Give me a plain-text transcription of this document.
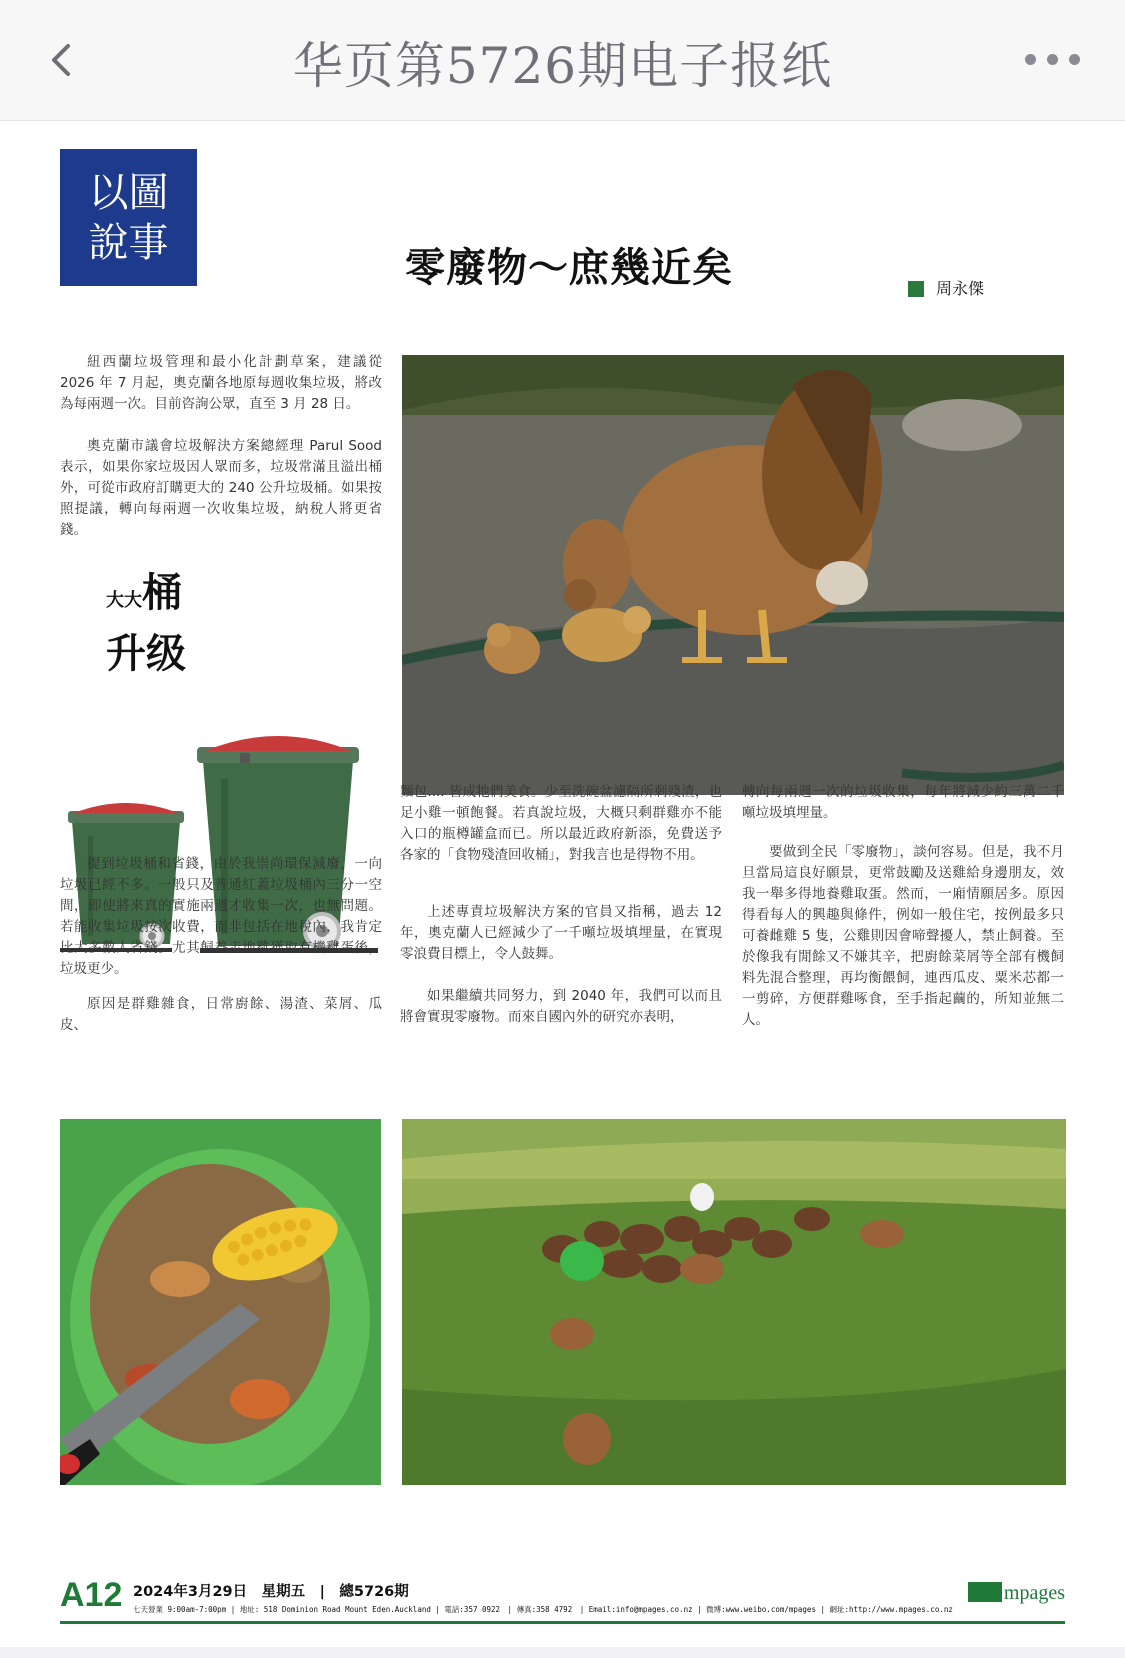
华页第5726期电子报纸
以圖
說事
零廢物～庶幾近矣	周永傑

紐西蘭垃圾管理和最小化計劃草案，建議從 2026 年 7 月起，奧克蘭各地原每週收集垃圾，將改為每兩週一次。目前咨詢公眾，直至 3 月 28 日。

奧克蘭市議會垃圾解決方案總經理 Parul Sood 表示，如果你家垃圾因人眾而多，垃圾常滿且溢出桶外，可從市政府訂購更大的 240 公升垃圾桶。如果按照提議，轉向每兩週一次收集垃圾，納稅人將更省錢。

大大桶
升级

提到垃圾桶和省錢，由於我崇尚環保減廢，一向垃圾已經不多。一般只及普通紅蓋垃圾桶內三分一空間，即使將來真的實施兩週才收集一次，也無問題。若能收集垃圾按次收費，而非包括在地稅內，我肯定比大多數人省錢。尤其飼養走地雞獲取有機雞蛋後，垃圾更少。

原因是群雞雜食，日常廚餘、湯渣、菜屑、瓜皮、

麵包.... 皆成牠們美食。少至洗碗盆濾隔所剩殘渣，也足小雞一頓飽餐。若真說垃圾，大概只剩群雞亦不能入口的瓶樽罐盒而已。所以最近政府新添，免費送予各家的「食物殘渣回收桶」，對我言也是得物不用。

上述專責垃圾解決方案的官員又指稱，過去 12 年，奧克蘭人已經減少了一千噸垃圾填埋量，在實現零浪費目標上，令人鼓舞。

如果繼續共同努力，到 2040 年，我們可以而且將會實現零廢物。而來自國內外的研究亦表明，

轉向每兩週一次的垃圾收集，每年將減少約三萬二千噸垃圾填埋量。

要做到全民「零廢物」，談何容易。但是，我不月旦當局這良好願景，更常鼓勵及送雞給身邊朋友，效我一舉多得地養雞取蛋。然而，一廂情願居多。原因得看每人的興趣與條件，例如一般住宅，按例最多只可養雌雞 5 隻，公雞則因會啼聲擾人，禁止飼養。至於像我有閒餘又不嫌其辛，把廚餘菜屑等全部有機飼料先混合整理，再均衡餵飼，連西瓜皮、粟米芯都一一剪碎，方便群雞啄食，至手指起繭的，所知並無二人。

A12 2024年3月29日　星期五　|　總5726期
七天營業 9:00am-7:00pm | 地址: 518 Dominion Road Mount Eden.Auckland | 電話:357 0922　| 傳真:358 4792　| Email:info@mpages.co.nz | 微博:www.weibo.com/mpages | 網址:http://www.mpages.co.nz
mpages
